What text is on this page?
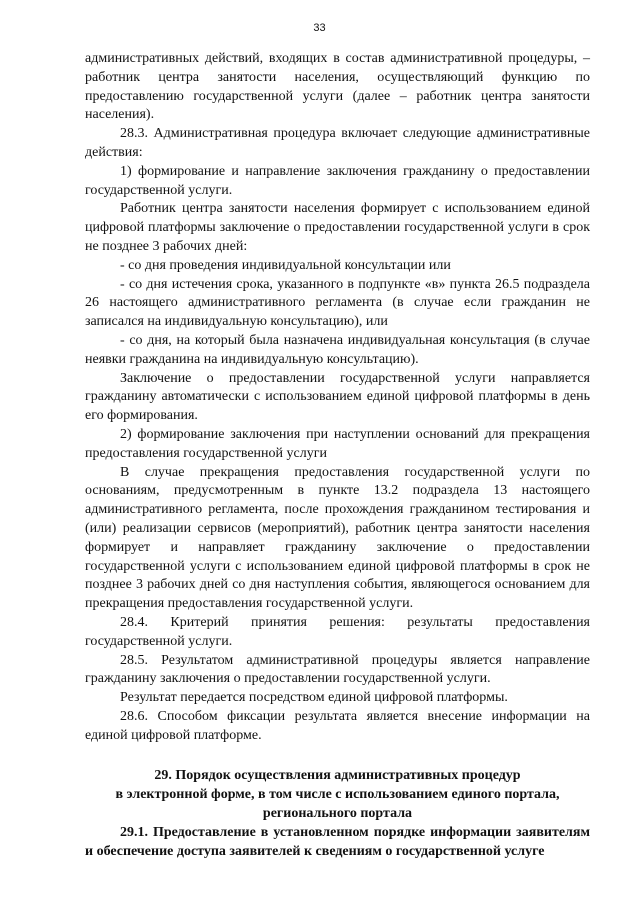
33

административных действий, входящих в состав административной процедуры, – работник центра занятости населения, осуществляющий функцию по предоставлению государственной услуги (далее – работник центра занятости населения).

28.3. Административная процедура включает следующие административные действия:

1) формирование и направление заключения гражданину о предоставлении государственной услуги.

Работник центра занятости населения формирует с использованием единой цифровой платформы заключение о предоставлении государственной услуги в срок не позднее 3 рабочих дней:

- со дня проведения индивидуальной консультации или

- со дня истечения срока, указанного в подпункте «в» пункта 26.5 подраздела 26 настоящего административного регламента (в случае если гражданин не записался на индивидуальную консультацию), или

- со дня, на который была назначена индивидуальная консультация (в случае неявки гражданина на индивидуальную консультацию).

Заключение о предоставлении государственной услуги направляется гражданину автоматически с использованием единой цифровой платформы в день его формирования.

2) формирование заключения при наступлении оснований для прекращения предоставления государственной услуги

В случае прекращения предоставления государственной услуги по основаниям, предусмотренным в пункте 13.2 подраздела 13 настоящего административного регламента, после прохождения гражданином тестирования и (или) реализации сервисов (мероприятий), работник центра занятости населения формирует и направляет гражданину заключение о предоставлении государственной услуги с использованием единой цифровой платформы в срок не позднее 3 рабочих дней со дня наступления события, являющегося основанием для прекращения предоставления государственной услуги.

28.4. Критерий принятия решения: результаты предоставления государственной услуги.

28.5. Результатом административной процедуры является направление гражданину заключения о предоставлении государственной услуги.

Результат передается посредством единой цифровой платформы.

28.6. Способом фиксации результата является внесение информации на единой цифровой платформе.

29. Порядок осуществления административных процедур
в электронной форме, в том числе с использованием единого портала,
регионального портала

29.1. Предоставление в установленном порядке информации заявителям и обеспечение доступа заявителей к сведениям о государственной услуге
